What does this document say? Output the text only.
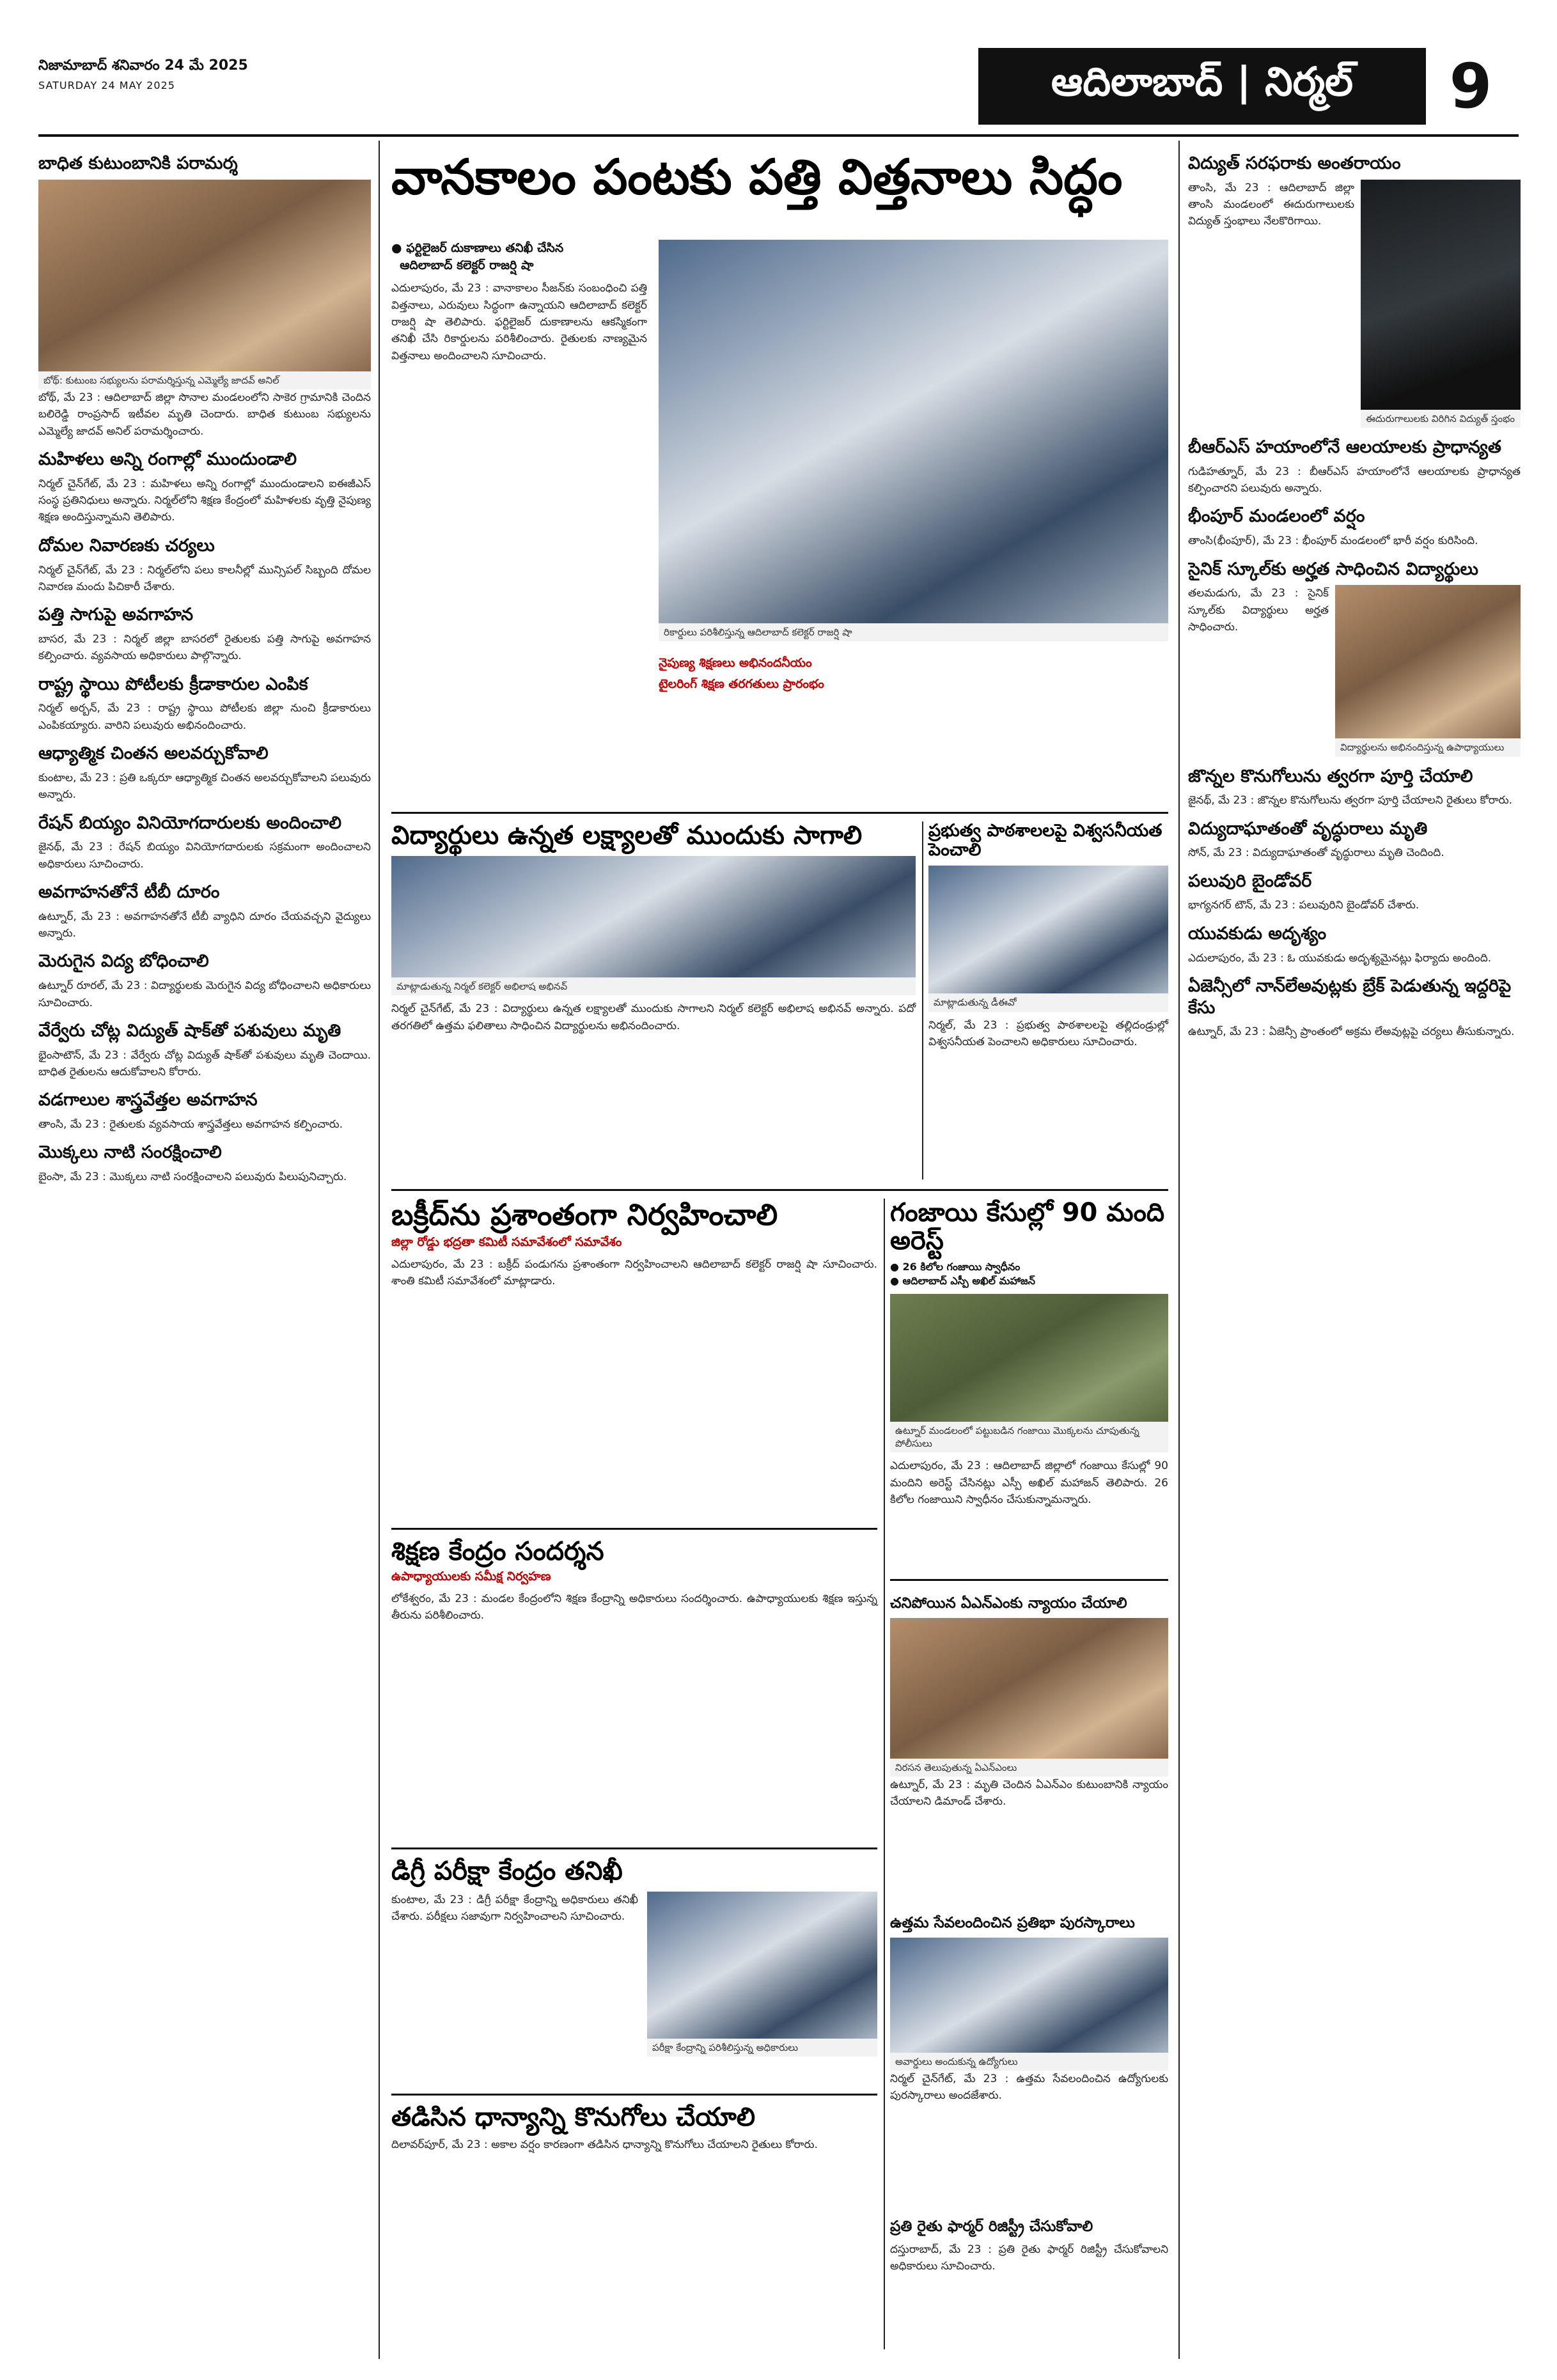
నిజామాబాద్ శనివారం 24 మే 2025
SATURDAY 24 MAY 2025	ఆదిలాబాద్ | నిర్మల్	9
బాధిత కుటుంబానికి పరామర్శ
బోథ్: కుటుంబ సభ్యులను పరామర్శిస్తున్న ఎమ్మెల్యే జాదవ్ అనిల్
బోథ్, మే 23 : ఆదిలాబాద్ జిల్లా సొనాల మండలంలోని సాకెర గ్రామానికి చెందిన బలిరెడ్డి రాంప్రసాద్ ఇటీవల మృతి చెందారు. బాధిత కుటుంబ సభ్యులను ఎమ్మెల్యే జాదవ్ అనిల్ పరామర్శించారు.
మహిళలు అన్ని రంగాల్లో ముందుండాలి
నిర్మల్ చైన్‌గేట్, మే 23 : మహిళలు అన్ని రంగాల్లో ముందుండాలని ఐఈజీఎస్ సంస్థ ప్రతినిధులు అన్నారు. నిర్మల్‌లోని శిక్షణ కేంద్రంలో మహిళలకు వృత్తి నైపుణ్య శిక్షణ అందిస్తున్నామని తెలిపారు.
దోమల నివారణకు చర్యలు
నిర్మల్ చైన్‌గేట్, మే 23 : నిర్మల్‌లోని పలు కాలనీల్లో మున్సిపల్ సిబ్బంది దోమల నివారణ మందు పిచికారీ చేశారు.
పత్తి సాగుపై అవగాహన
బాసర, మే 23 : నిర్మల్ జిల్లా బాసరలో రైతులకు పత్తి సాగుపై అవగాహన కల్పించారు. వ్యవసాయ అధికారులు పాల్గొన్నారు.
రాష్ట్ర స్థాయి పోటీలకు క్రీడాకారుల ఎంపిక
నిర్మల్ అర్బన్, మే 23 : రాష్ట్ర స్థాయి పోటీలకు జిల్లా నుంచి క్రీడాకారులు ఎంపికయ్యారు. వారిని పలువురు అభినందించారు.
ఆధ్యాత్మిక చింతన అలవర్చుకోవాలి
కుంటాల, మే 23 : ప్రతి ఒక్కరూ ఆధ్యాత్మిక చింతన అలవర్చుకోవాలని పలువురు అన్నారు.
రేషన్ బియ్యం వినియోగదారులకు అందించాలి
జైనథ్, మే 23 : రేషన్ బియ్యం వినియోగదారులకు సక్రమంగా అందించాలని అధికారులు సూచించారు.
అవగాహనతోనే టీబీ దూరం
ఉట్నూర్, మే 23 : అవగాహనతోనే టీబీ వ్యాధిని దూరం చేయవచ్చని వైద్యులు అన్నారు.
మెరుగైన విద్య బోధించాలి
ఉట్నూర్ రూరల్, మే 23 : విద్యార్థులకు మెరుగైన విద్య బోధించాలని అధికారులు సూచించారు.
వేర్వేరు చోట్ల విద్యుత్ షాక్‌తో పశువులు మృతి
భైంసాటౌన్, మే 23 : వేర్వేరు చోట్ల విద్యుత్ షాక్‌తో పశువులు మృతి చెందాయి. బాధిత రైతులను ఆదుకోవాలని కోరారు.
వడగాలుల శాస్త్రవేత్తల అవగాహన
తాంసి, మే 23 : రైతులకు వ్యవసాయ శాస్త్రవేత్తలు అవగాహన కల్పించారు.
మొక్కలు నాటి సంరక్షించాలి
బైంసా, మే 23 : మొక్కలు నాటి సంరక్షించాలని పలువురు పిలుపునిచ్చారు.
వానకాలం పంటకు పత్తి విత్తనాలు సిద్ధం
● ఫర్టిలైజర్ దుకాణాలు తనిఖీ చేసిన
ఆదిలాబాద్ కలెక్టర్ రాజర్షి షా
ఎదులాపురం, మే 23 : వానాకాలం సీజన్‌కు సంబంధించి పత్తి విత్తనాలు, ఎరువులు సిద్ధంగా ఉన్నాయని ఆదిలాబాద్ కలెక్టర్ రాజర్షి షా తెలిపారు. ఫర్టిలైజర్ దుకాణాలను ఆకస్మికంగా తనిఖీ చేసి రికార్డులను పరిశీలించారు. రైతులకు నాణ్యమైన విత్తనాలు అందించాలని సూచించారు.
రికార్డులు పరిశీలిస్తున్న ఆదిలాబాద్ కలెక్టర్ రాజర్షి షా
నైపుణ్య శిక్షణలు అభినందనీయం
టైలరింగ్ శిక్షణ తరగతులు ప్రారంభం
విద్యార్థులు ఉన్నత లక్ష్యాలతో ముందుకు సాగాలి
మాట్లాడుతున్న నిర్మల్ కలెక్టర్ అభిలాష అభినవ్
నిర్మల్ చైన్‌గేట్, మే 23 : విద్యార్థులు ఉన్నత లక్ష్యాలతో ముందుకు సాగాలని నిర్మల్ కలెక్టర్ అభిలాష అభినవ్ అన్నారు. పదో తరగతిలో ఉత్తమ ఫలితాలు సాధించిన విద్యార్థులను అభినందించారు.
ప్రభుత్వ పాఠశాలలపై విశ్వసనీయత పెంచాలి
మాట్లాడుతున్న డీఈవో
నిర్మల్, మే 23 : ప్రభుత్వ పాఠశాలలపై తల్లిదండ్రుల్లో విశ్వసనీయత పెంచాలని అధికారులు సూచించారు.
బక్రీద్‌ను ప్రశాంతంగా నిర్వహించాలి
జిల్లా రోడ్డు భద్రతా కమిటీ సమావేశంలో సమావేశం
ఎదులాపురం, మే 23 : బక్రీద్ పండుగను ప్రశాంతంగా నిర్వహించాలని ఆదిలాబాద్ కలెక్టర్ రాజర్షి షా సూచించారు. శాంతి కమిటీ సమావేశంలో మాట్లాడారు.
గంజాయి కేసుల్లో 90 మంది అరెస్ట్
● 26 కిలోల గంజాయి స్వాధీనం
● ఆదిలాబాద్ ఎస్పీ అఖిల్ మహాజన్
ఉట్నూర్ మండలంలో పట్టుబడిన గంజాయి మొక్కలను చూపుతున్న పోలీసులు
ఎదులాపురం, మే 23 : ఆదిలాబాద్ జిల్లాలో గంజాయి కేసుల్లో 90 మందిని అరెస్ట్ చేసినట్లు ఎస్పీ అఖిల్ మహాజన్ తెలిపారు. 26 కిలోల గంజాయిని స్వాధీనం చేసుకున్నామన్నారు.
శిక్షణ కేంద్రం సందర్శన
ఉపాధ్యాయులకు సమీక్ష నిర్వహణ
లోకేశ్వరం, మే 23 : మండల కేంద్రంలోని శిక్షణ కేంద్రాన్ని అధికారులు సందర్శించారు. ఉపాధ్యాయులకు శిక్షణ ఇస్తున్న తీరును పరిశీలించారు.
డిగ్రీ పరీక్షా కేంద్రం తనిఖీ
కుంటాల, మే 23 : డిగ్రీ పరీక్షా కేంద్రాన్ని అధికారులు తనిఖీ చేశారు. పరీక్షలు సజావుగా నిర్వహించాలని సూచించారు.
పరీక్షా కేంద్రాన్ని పరిశీలిస్తున్న అధికారులు
తడిసిన ధాన్యాన్ని కొనుగోలు చేయాలి
దిలావర్‌పూర్, మే 23 : అకాల వర్షం కారణంగా తడిసిన ధాన్యాన్ని కొనుగోలు చేయాలని రైతులు కోరారు.
చనిపోయిన ఏఎన్ఎంకు న్యాయం చేయాలి
నిరసన తెలుపుతున్న ఏఎన్ఎంలు
ఉట్నూర్, మే 23 : మృతి చెందిన ఏఎన్ఎం కుటుంబానికి న్యాయం చేయాలని డిమాండ్ చేశారు.
ఉత్తమ సేవలందించిన ప్రతిభా పురస్కారాలు
అవార్డులు అందుకున్న ఉద్యోగులు
నిర్మల్ చైన్‌గేట్, మే 23 : ఉత్తమ సేవలందించిన ఉద్యోగులకు పురస్కారాలు అందజేశారు.
ప్రతి రైతు ఫార్మర్ రిజిస్ట్రీ చేసుకోవాలి
దస్తురాబాద్, మే 23 : ప్రతి రైతు ఫార్మర్ రిజిస్ట్రీ చేసుకోవాలని అధికారులు సూచించారు.
విద్యుత్ సరఫరాకు అంతరాయం
తాంసి, మే 23 : ఆదిలాబాద్ జిల్లా తాంసి మండలంలో ఈదురుగాలులకు విద్యుత్ స్తంభాలు నేలకొరిగాయి.
ఈదురుగాలులకు విరిగిన విద్యుత్ స్తంభం
బీఆర్ఎస్ హయాంలోనే ఆలయాలకు ప్రాధాన్యత
గుడిహత్నూర్, మే 23 : బీఆర్ఎస్ హయాంలోనే ఆలయాలకు ప్రాధాన్యత కల్పించారని పలువురు అన్నారు.
భీంపూర్ మండలంలో వర్షం
తాంసి(భీంపూర్), మే 23 : భీంపూర్ మండలంలో భారీ వర్షం కురిసింది.
సైనిక్ స్కూల్‌కు అర్హత సాధించిన విద్యార్థులు
తలమడుగు, మే 23 : సైనిక్ స్కూల్‌కు విద్యార్థులు అర్హత సాధించారు.
విద్యార్థులను అభినందిస్తున్న ఉపాధ్యాయులు
జొన్నల కొనుగోలును త్వరగా పూర్తి చేయాలి
జైనథ్, మే 23 : జొన్నల కొనుగోలును త్వరగా పూర్తి చేయాలని రైతులు కోరారు.
విద్యుదాఘాతంతో వృద్ధురాలు మృతి
సోన్, మే 23 : విద్యుదాఘాతంతో వృద్ధురాలు మృతి చెందింది.
పలువురి బైండోవర్
భాగ్యనగర్ టౌన్, మే 23 : పలువురిని బైండోవర్ చేశారు.
యువకుడు అదృశ్యం
ఎదులాపురం, మే 23 : ఓ యువకుడు అదృశ్యమైనట్లు ఫిర్యాదు అందింది.
ఏజెన్సీలో నాన్‌లేఅవుట్లకు బ్రేక్ పెడుతున్న ఇద్దరిపై కేసు
ఉట్నూర్, మే 23 : ఏజెన్సీ ప్రాంతంలో అక్రమ లేఅవుట్లపై చర్యలు తీసుకున్నారు.
